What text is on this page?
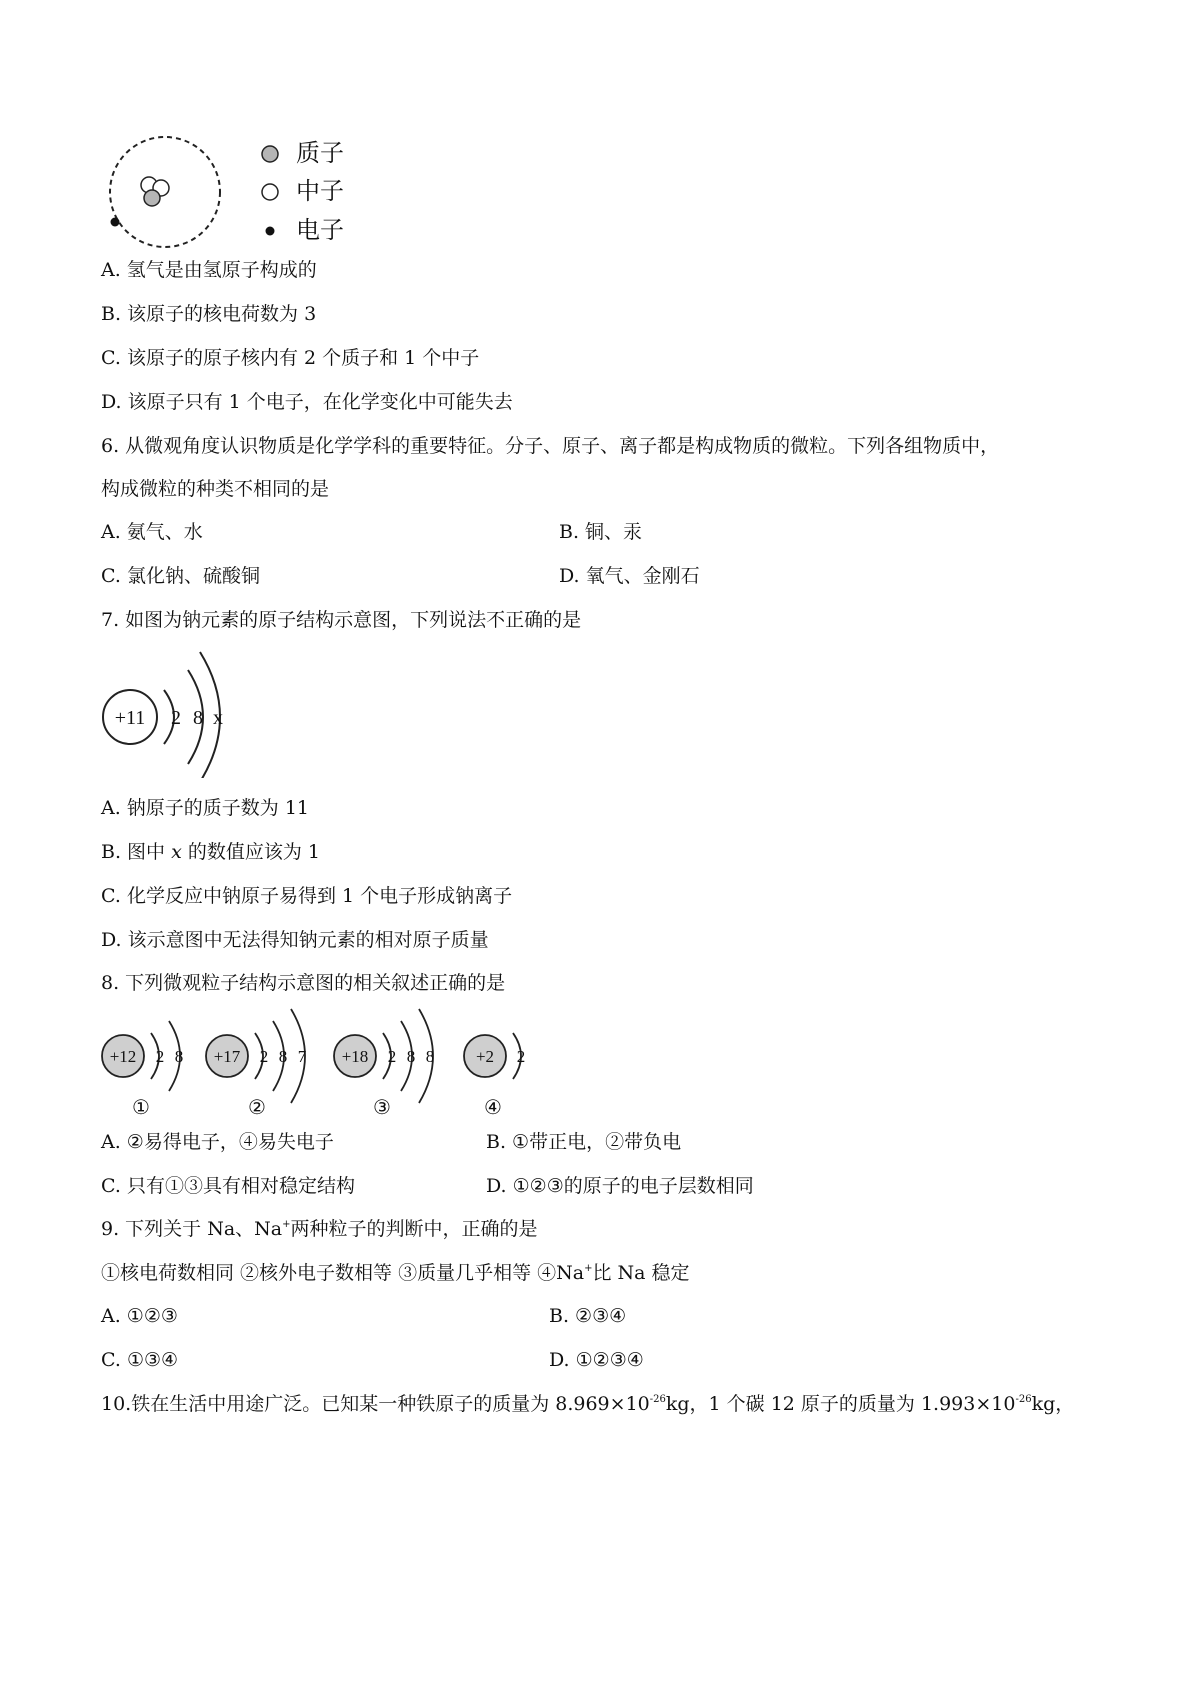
质子
中子
电子
A. 氢气是由氢原子构成的
B. 该原子的核电荷数为 3
C. 该原子的原子核内有 2 个质子和 1 个中子
D. 该原子只有 1 个电子，在化学变化中可能失去
6. 从微观角度认识物质是化学学科的重要特征。分子、原子、离子都是构成物质的微粒。下列各组物质中，
构成微粒的种类不相同的是
A. 氨气、水	B. 铜、汞
C. 氯化钠、硫酸铜	D. 氧气、金刚石
7. 如图为钠元素的原子结构示意图，下列说法不正确的是
+11 2 8 x
A. 钠原子的质子数为 11
B. 图中 x 的数值应该为 1
C. 化学反应中钠原子易得到 1 个电子形成钠离子
D. 该示意图中无法得知钠元素的相对原子质量
8. 下列微观粒子结构示意图的相关叙述正确的是
+12 2 8
①
+17 2 8 7
②
+18 2 8 8
③
+2 2
④
A. ②易得电子，④易失电子	B. ①带正电，②带负电
C. 只有①③具有相对稳定结构	D. ①②③的原子的电子层数相同
9. 下列关于 Na、Na+两种粒子的判断中，正确的是
①核电荷数相同 ②核外电子数相等 ③质量几乎相等 ④Na+比 Na 稳定
A. ①②③	B. ②③④
C. ①③④	D. ①②③④
10.铁在生活中用途广泛。已知某一种铁原子的质量为 $8.969\times 10^{-26}kg$，1 个碳 12 原子的质量为 $1.993\times 10^{-26}kg$，
